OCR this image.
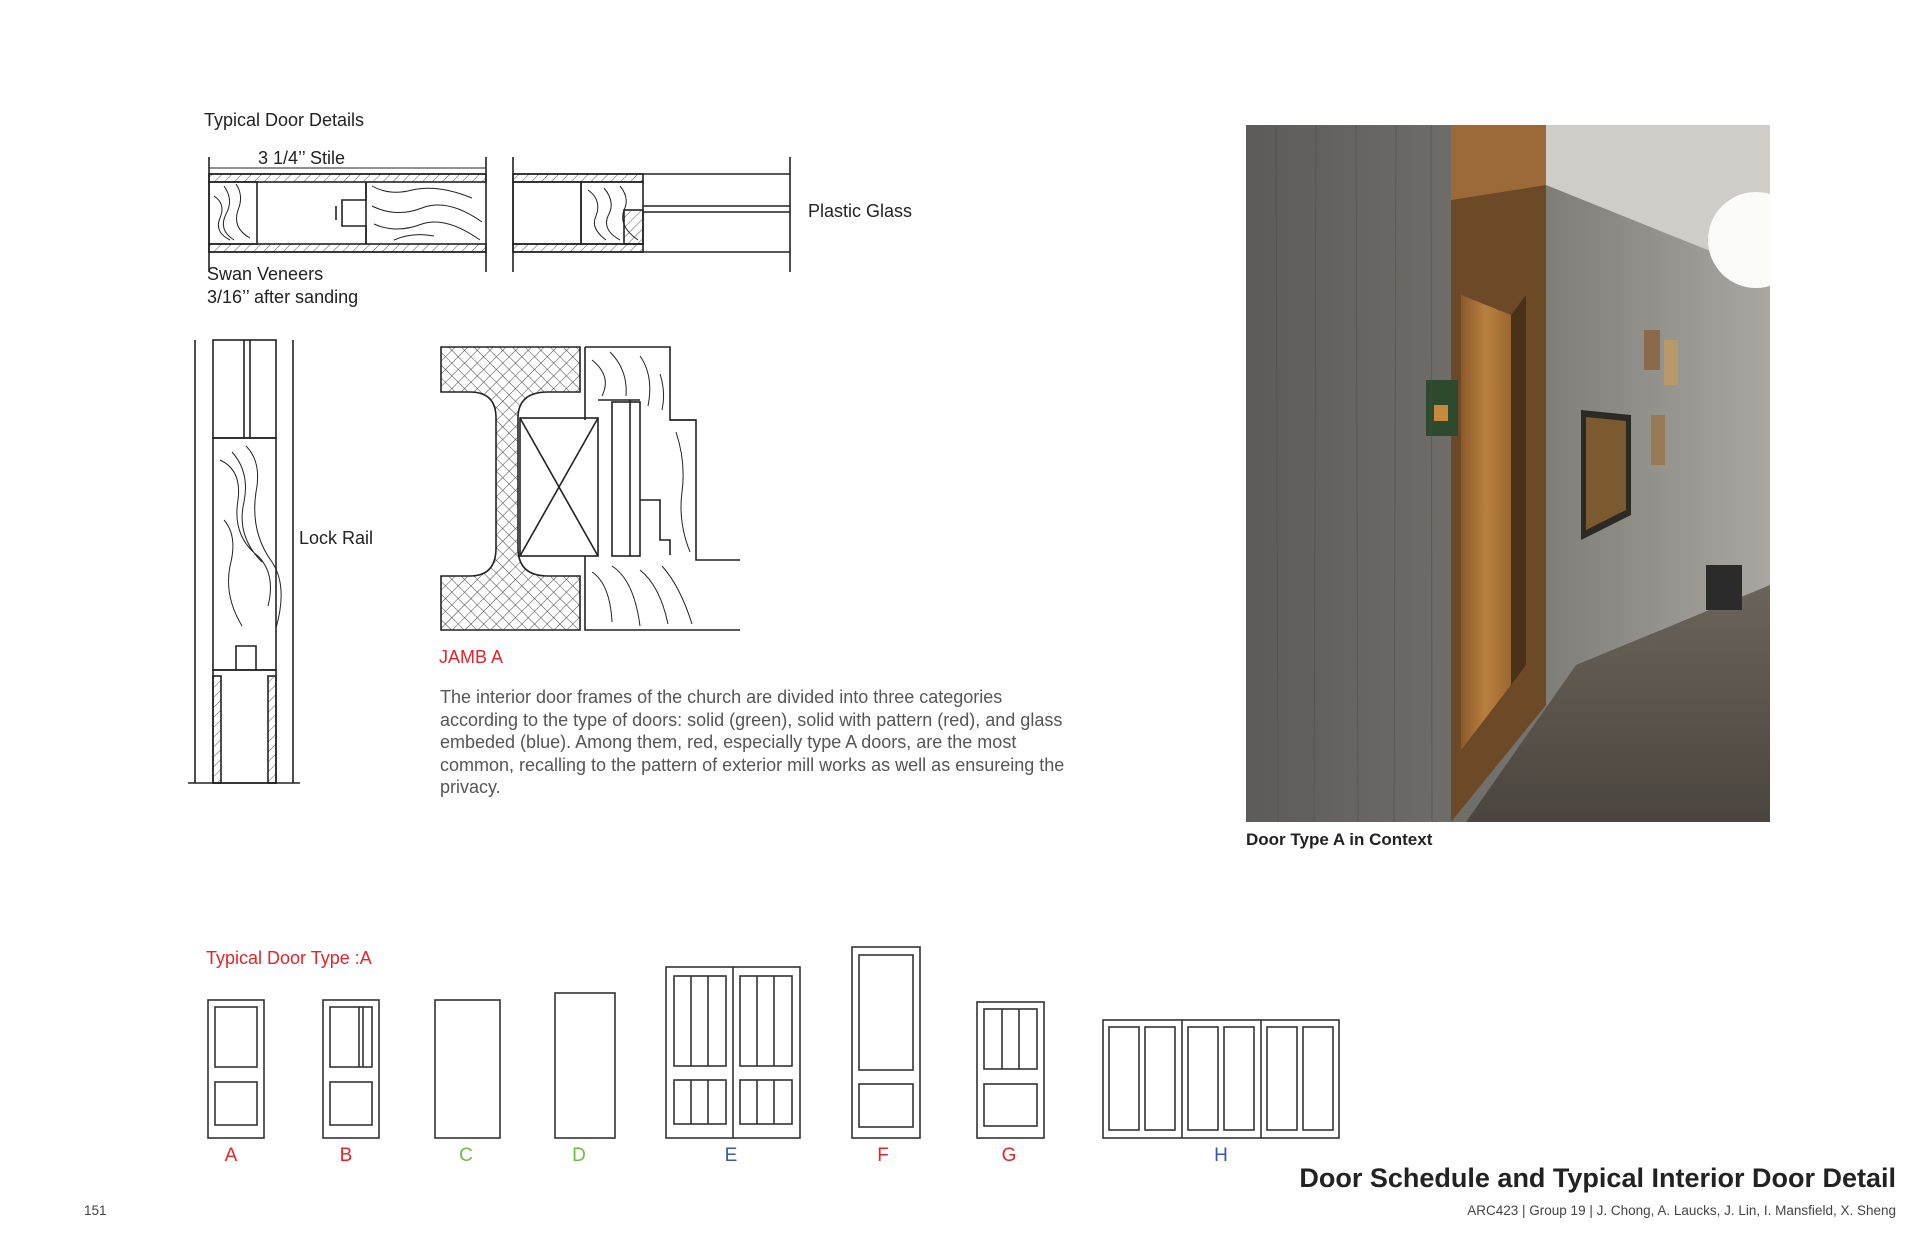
Typical Door Details
3 1/4’’ Stile
Plastic Glass
Swan Veneers
3/16’’ after sanding
Lock Rail
JAMB A
The interior door frames of the church are divided into three categories according to the type of doors: solid (green), solid with pattern (red), and glass embeded (blue). Among them, red, especially type A doors, are the most common, recalling to the pattern of exterior mill works as well as ensureing the privacy.
Door Type A in Context
Typical Door Type :A
A	B	C	D	E	F	G	H
Door Schedule and Typical Interior Door Detail
ARC423 | Group 19 | J. Chong, A. Laucks, J. Lin, I. Mansfield, X. Sheng
151
